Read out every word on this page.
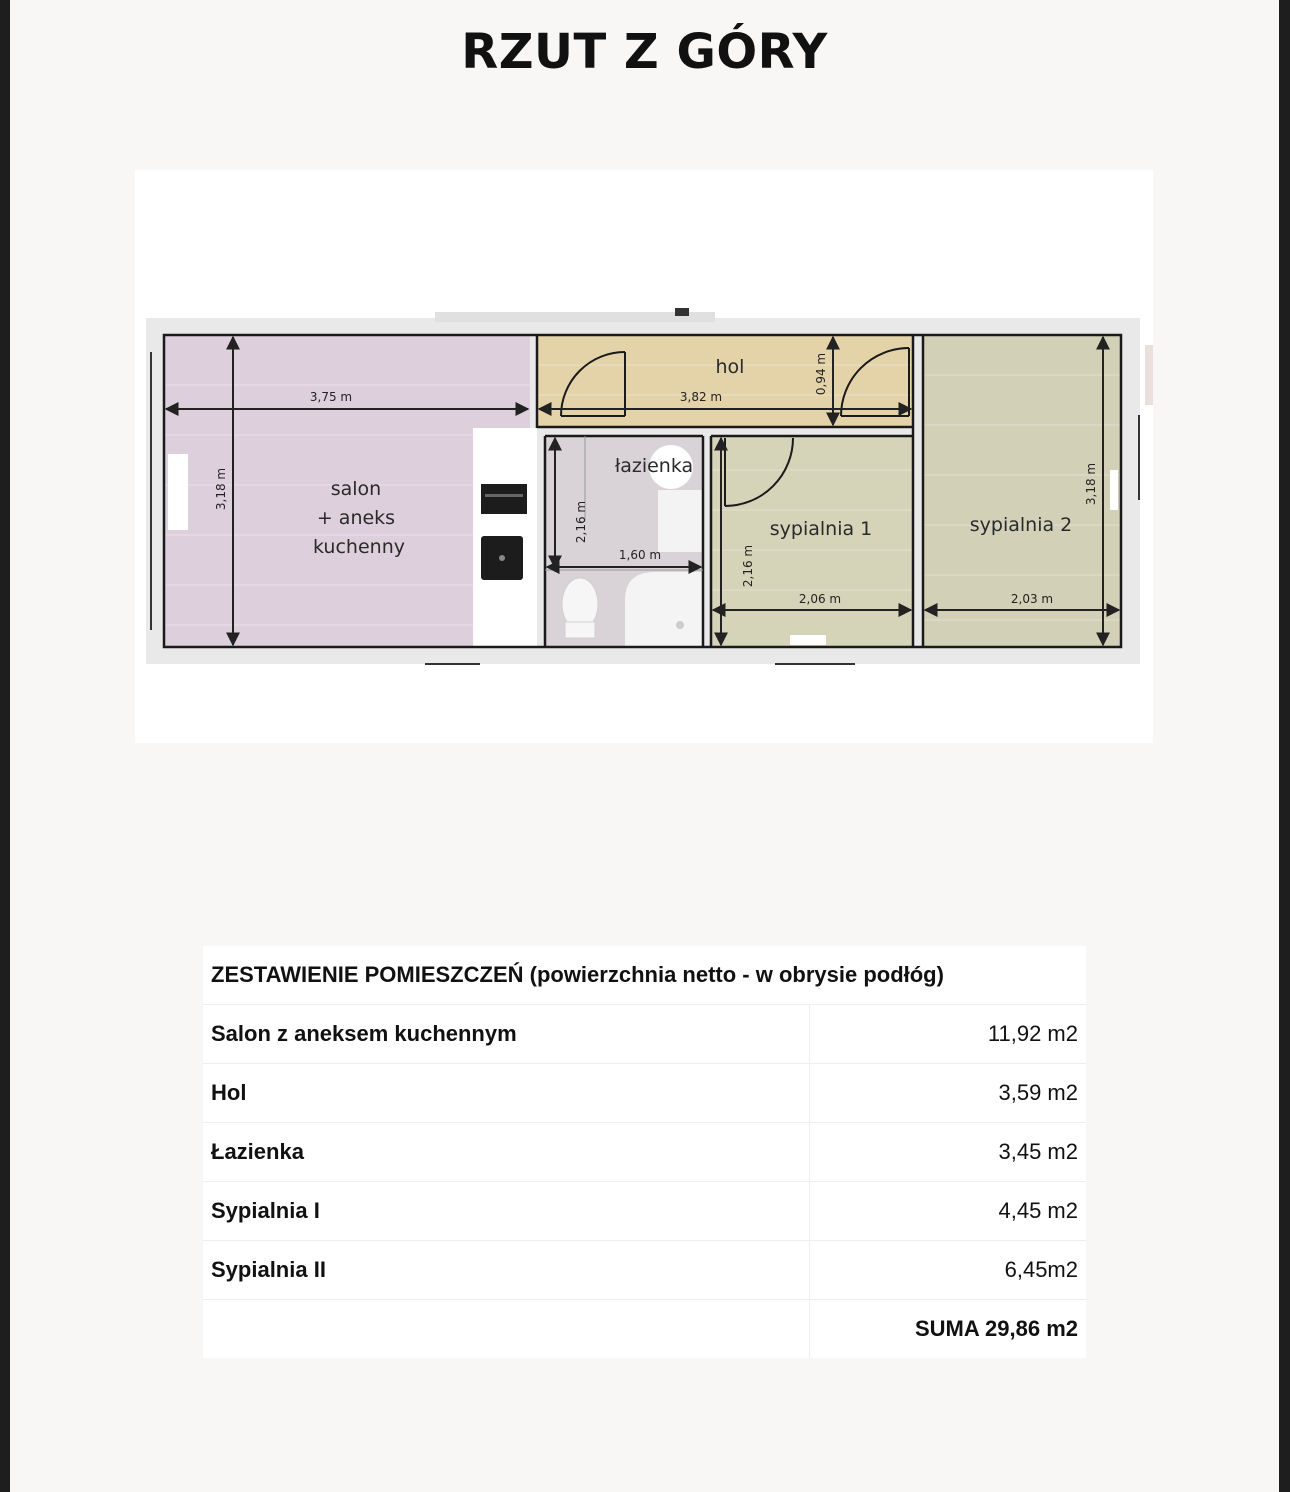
RZUT Z GÓRY
3,75 m
3,18 m
3,82 m
0,94 m
2,16 m
1,60 m	2,16 m
2,06 m
3,18 m
2,03 m
salon + aneks kuchenny
hol
łazienka
sypialnia 1	sypialnia 2
ZESTAWIENIE POMIESZCZEŃ (powierzchnia netto - w obrysie podłóg)	
Salon z aneksem kuchennym	11,92 m2
Hol	3,59 m2
Łazienka	3,45 m2
Sypialnia I	4,45 m2
Sypialnia II	6,45m2
	SUMA 29,86 m2
